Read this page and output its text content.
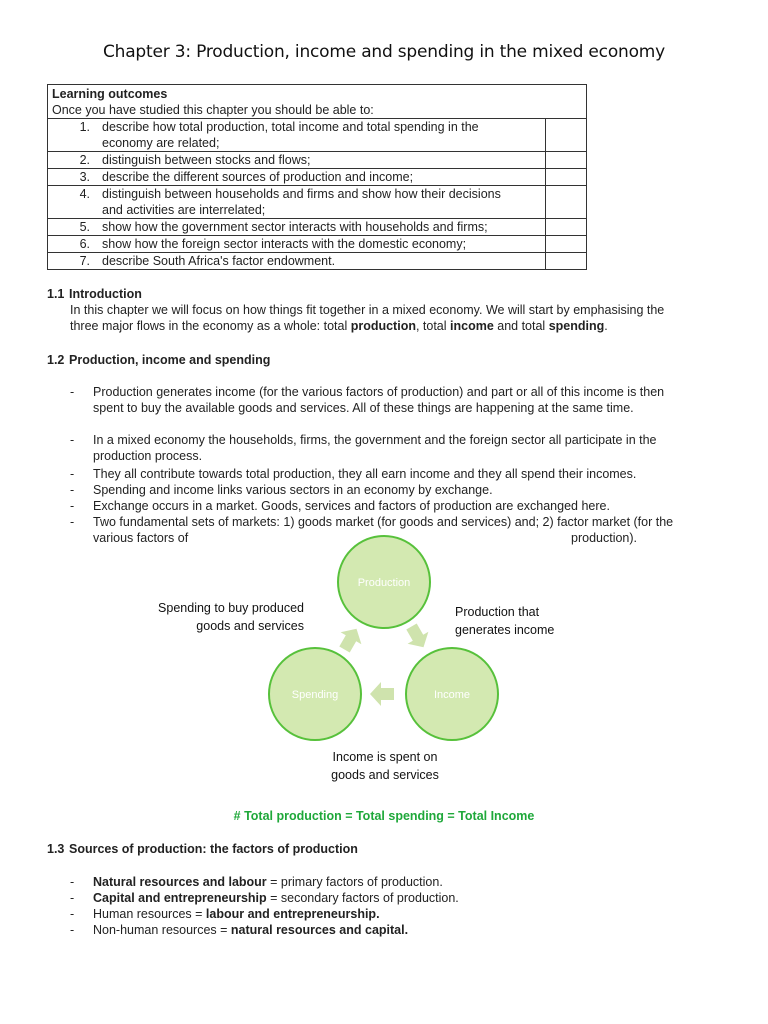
Chapter 3: Production, income and spending in the mixed economy
Learning outcomes
Once you have studied this chapter you should be able to:		

1.	describe how total production, total income and total spending in the
economy are related;	

2.	distinguish between stocks and flows;	
3.	describe the different sources of production and income;	
4.	distinguish between households and firms and show how their decisions
and activities are interrelated;	

5.	show how the government sector interacts with households and firms;	
6.	show how the foreign sector interacts with the domestic economy;	
7.	describe South Africa's factor endowment.	
1.1 Introduction
In this chapter we will focus on how things fit together in a mixed economy. We will start by emphasising the
three major flows in the economy as a whole: total production, total income and total spending.
1.2 Production, income and spending
- Production generates income (for the various factors of production) and part or all of this income is then
spent to buy the available goods and services. All of these things are happening at the same time.
- In a mixed economy the households, firms, the government and the foreign sector all participate in the
production process.
- They all contribute towards total production, they all earn income and they all spend their incomes.
- Spending and income links various sectors in an economy by exchange.
- Exchange occurs in a market. Goods, services and factors of production are exchanged here.
- Two fundamental sets of markets: 1) goods market (for goods and services) and; 2) factor market (for the
various factors of	production).
Production
Income
Spending
Spending to buy produced
goods and services
Production that
generates income
Income is spent on
goods and services
# Total production = Total spending = Total Income
1.3 Sources of production: the factors of production
- Natural resources and labour = primary factors of production.
- Capital and entrepreneurship = secondary factors of production.
- Human resources = labour and entrepreneurship.
- Non-human resources = natural resources and capital.
